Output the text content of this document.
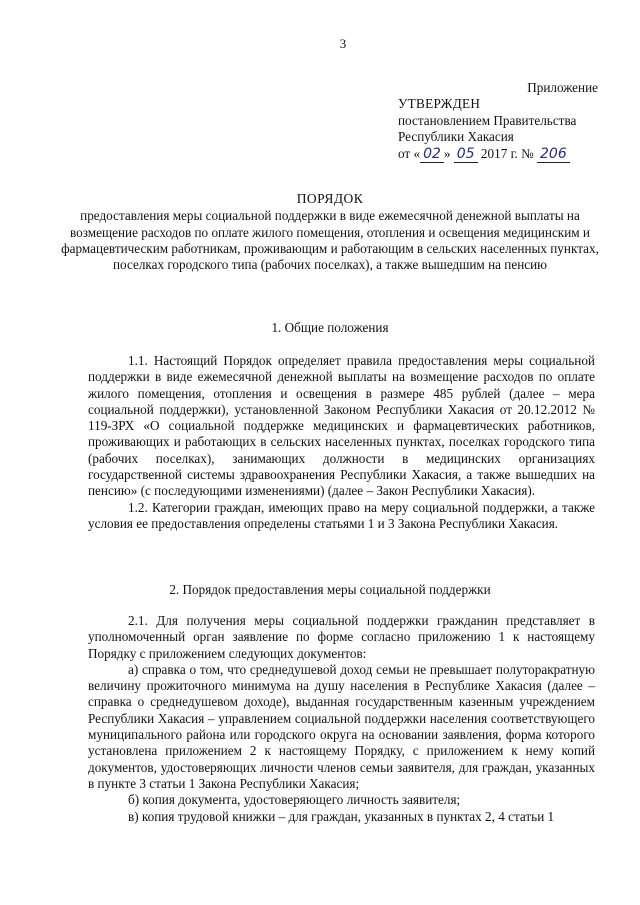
3
Приложение
УТВЕРЖДЕН
постановлением Правительства
Республики Хакасия
от « 02 » 05 2017 г. № 206
ПОРЯДОК
предоставления меры социальной поддержки в виде ежемесячной денежной выплаты на возмещение расходов по оплате жилого помещения, отопления и освещения медицинским и фармацевтическим работникам, проживающим и работающим в сельских населенных пунктах, поселках городского типа (рабочих поселках), а также вышедшим на пенсию
1. Общие положения

1.1. Настоящий Порядок определяет правила предоставления меры социальной поддержки в виде ежемесячной денежной выплаты на возмещение расходов по оплате жилого помещения, отопления и освещения в размере 485 рублей (далее – мера социальной поддержки), установленной Законом Республики Хакасия от 20.12.2012 № 119-ЗРХ «О социальной поддержке медицинских и фармацевтических работников, проживающих и работающих в сельских населенных пунктах, поселках городского типа (рабочих поселках), занимающих должности в медицинских организациях государственной системы здравоохранения Республики Хакасия, а также вышедших на пенсию» (с последующими изменениями) (далее – Закон Республики Хакасия).

1.2. Категории граждан, имеющих право на меру социальной поддержки, а также условия ее предоставления определены статьями 1 и 3 Закона Республики Хакасия.

2. Порядок предоставления меры социальной поддержки

2.1. Для получения меры социальной поддержки гражданин представляет в уполномоченный орган заявление по форме согласно приложению 1 к настоящему Порядку с приложением следующих документов:

а) справка о том, что среднедушевой доход семьи не превышает полуторакратную величину прожиточного минимума на душу населения в Республике Хакасия (далее – справка о среднедушевом доходе), выданная государственным казенным учреждением Республики Хакасия – управлением социальной поддержки населения соответствующего муниципального района или городского округа на основании заявления, форма которого установлена приложением 2 к настоящему Порядку, с приложением к нему копий документов, удостоверяющих личности членов семьи заявителя, для граждан, указанных в пункте 3 статьи 1 Закона Республики Хакасия;

б) копия документа, удостоверяющего личность заявителя;

в) копия трудовой книжки – для граждан, указанных в пунктах 2, 4 статьи 1
